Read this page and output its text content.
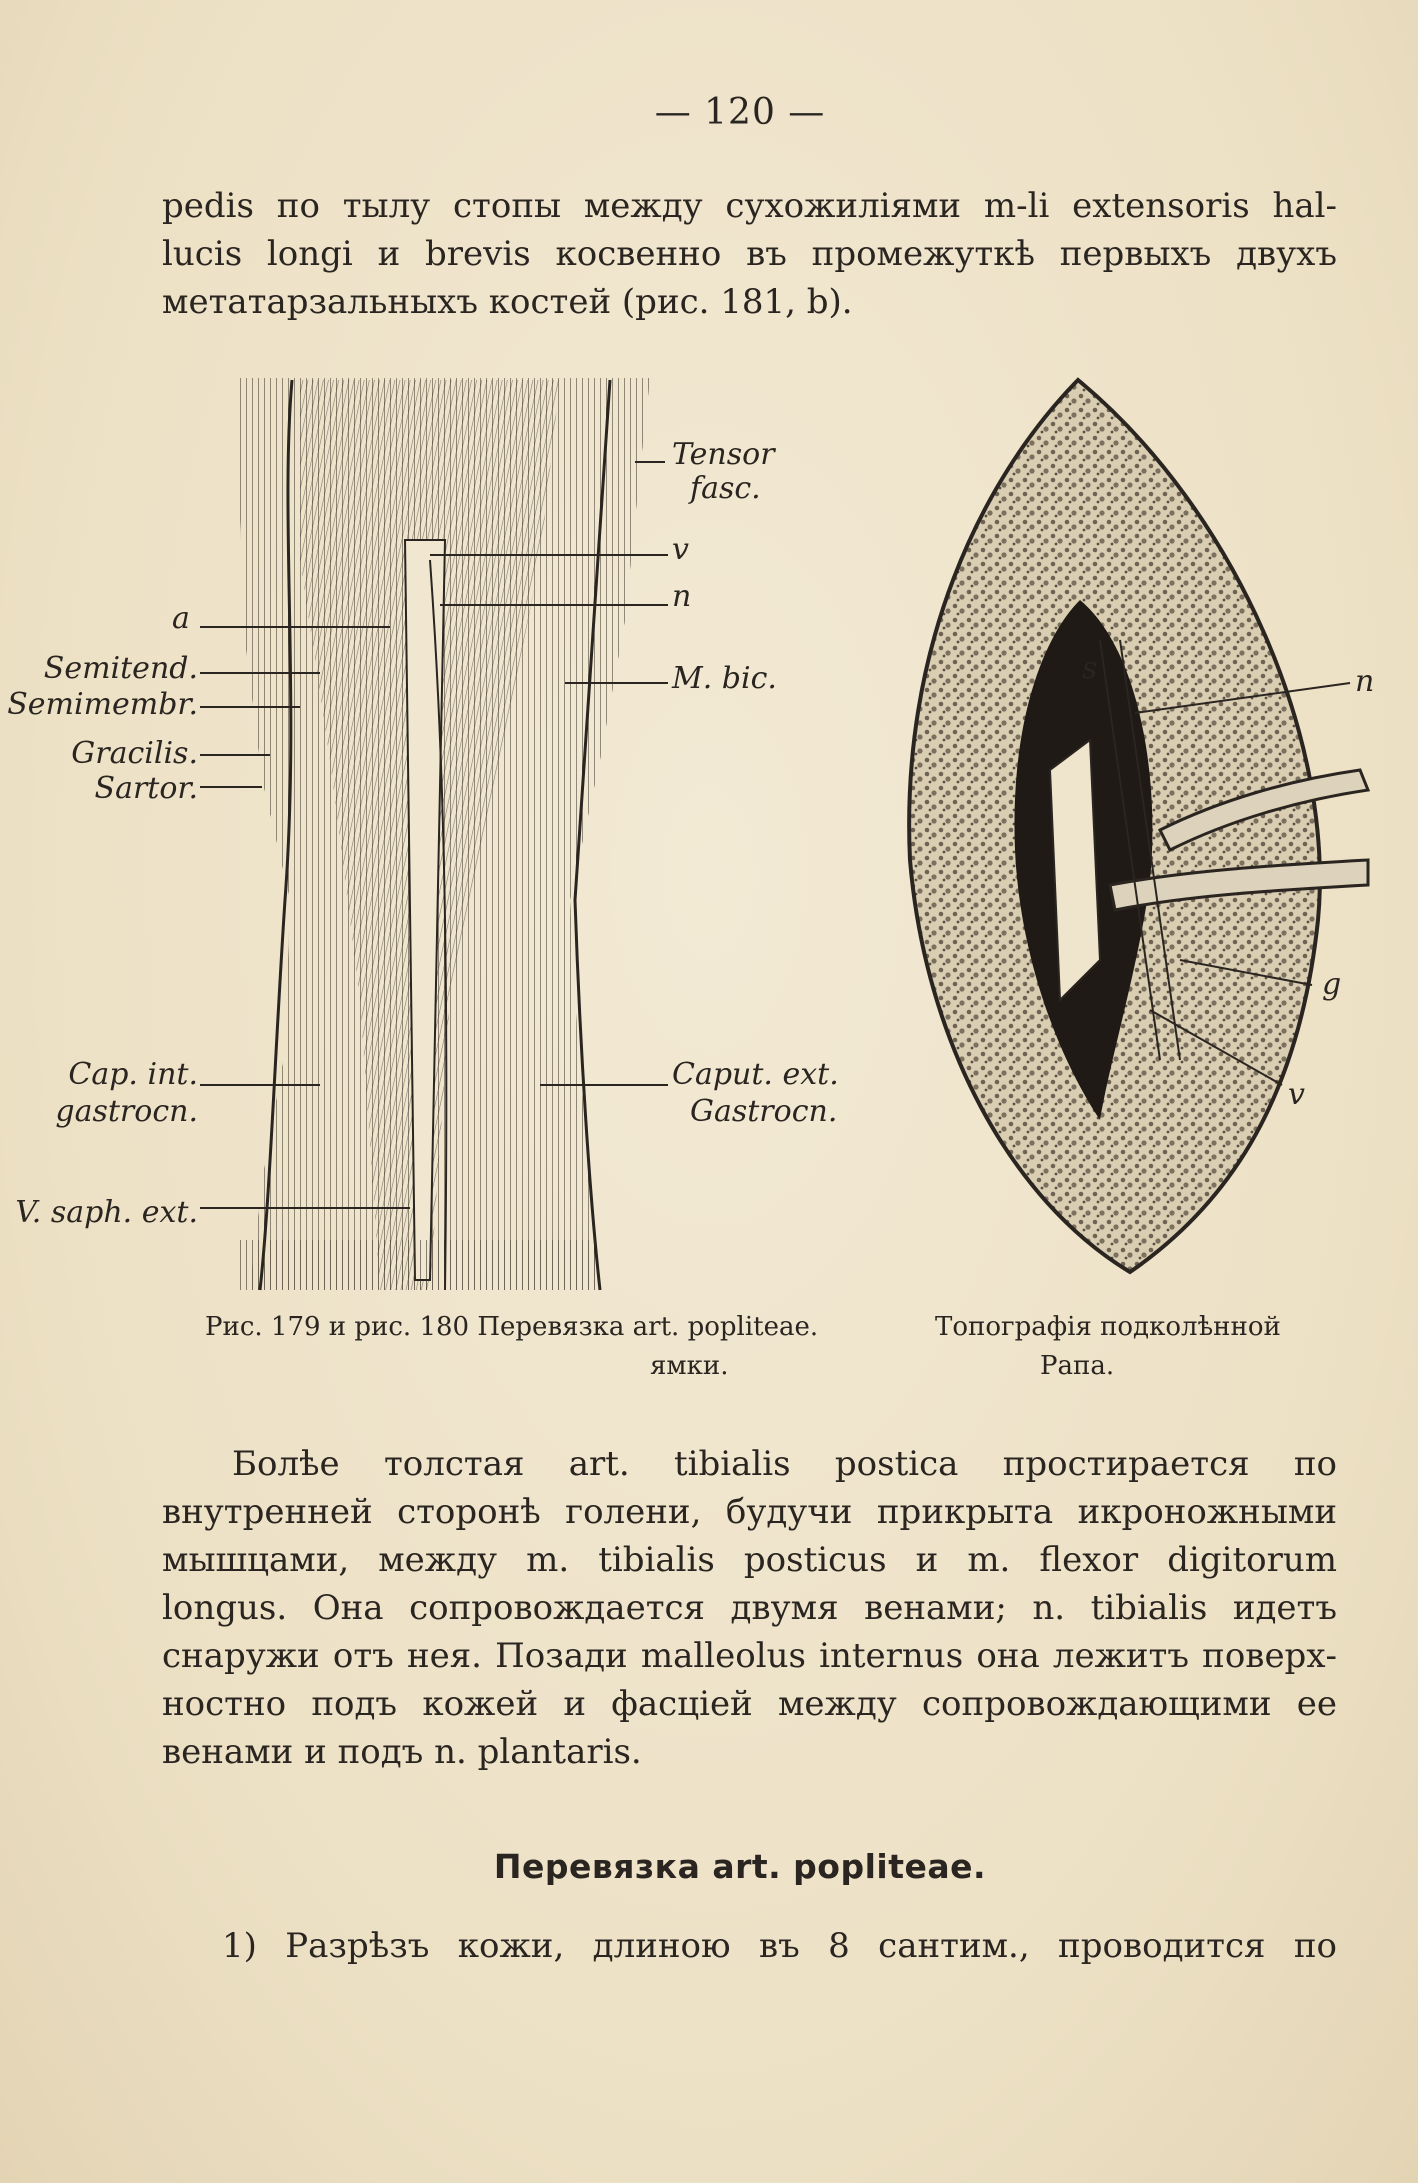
— 120 —
pedis по тылу стопы между сухожилiями m-li extensoris hal-
lucis longi и brevis косвенно въ промежуткѣ первыхъ двухъ
метатарзальныхъ костей (рис. 181, b).
Tensor
fasc.
v
n
M. bic.
a
Semitend.
Semimembr.
Gracilis.
Sartor.
Cap. int.
gastrocn.
Caput. ext.
Gastrocn.
V. saph. ext.
s	n
g
v
Рис. 179 и рис. 180 Перевязка art. popliteae.
ямки.
Топографiя подколѣнной
Рапа.
Болѣе толстая art. tibialis postica простирается по
внутренней сторонѣ голени, будучи прикрыта икроножными
мышцами, между m. tibialis posticus и m. flexor digitorum
longus. Она сопровождается двумя венами; n. tibialis идетъ
снаружи отъ нея. Позади malleolus internus она лежитъ поверх-
ностно подъ кожей и фасцiей между сопровождающими ее
венами и подъ n. plantaris.
Перевязка art. popliteae.
1) Разрѣзъ кожи, длиною въ 8 сантим., проводится по
